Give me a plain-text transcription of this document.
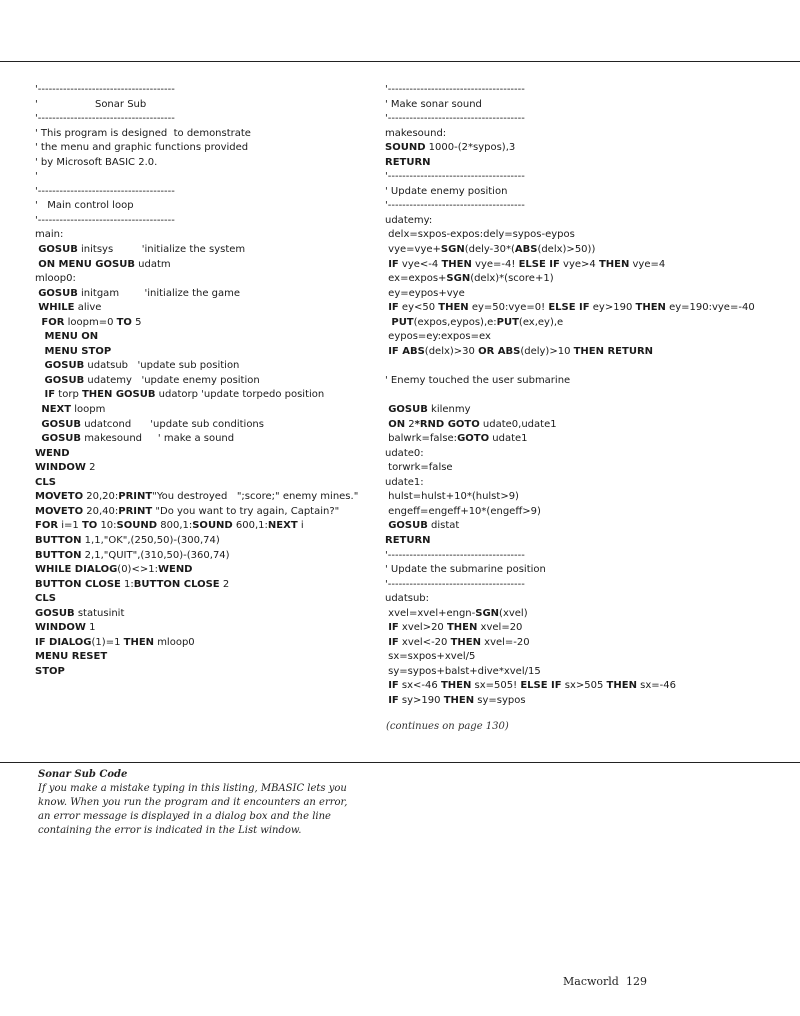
'--------------------------------------
'                  Sonar Sub
'--------------------------------------
' This program is designed  to demonstrate
' the menu and graphic functions provided
' by Microsoft BASIC 2.0.
'
'--------------------------------------
'   Main control loop
'--------------------------------------
main:
GOSUB initsys         'initialize the system
ON MENU GOSUB udatm
mloop0:
GOSUB initgam        'initialize the game
WHILE alive
FOR loopm=0 TO 5
MENU ON
MENU STOP
GOSUB udatsub   'update sub position
GOSUB udatemy   'update enemy position
IF torp THEN GOSUB udatorp 'update torpedo position
NEXT loopm
GOSUB udatcond      'update sub conditions
GOSUB makesound     ' make a sound
WEND
WINDOW 2
CLS
MOVETO 20,20:PRINT"You destroyed   ";score;" enemy mines."
MOVETO 20,40:PRINT "Do you want to try again, Captain?"
FOR i=1 TO 10:SOUND 800,1:SOUND 600,1:NEXT i
BUTTON 1,1,"OK",(250,50)-(300,74)
BUTTON 2,1,"QUIT",(310,50)-(360,74)
WHILE DIALOG(0)<>1:WEND
BUTTON CLOSE 1:BUTTON CLOSE 2
CLS
GOSUB statusinit
WINDOW 1
IF DIALOG(1)=1 THEN mloop0
MENU RESET
STOP
'--------------------------------------
' Make sonar sound
'--------------------------------------
makesound:
SOUND 1000-(2*sypos),3
RETURN
'--------------------------------------
' Update enemy position
'--------------------------------------
udatemy:
delx=sxpos-expos:dely=sypos-eypos
vye=vye+SGN(dely-30*(ABS(delx)>50))
IF vye<-4 THEN vye=-4! ELSE IF vye>4 THEN vye=4
ex=expos+SGN(delx)*(score+1)
ey=eypos+vye
IF ey<50 THEN ey=50:vye=0! ELSE IF ey>190 THEN ey=190:vye=-40
PUT(expos,eypos),e:PUT(ex,ey),e
eypos=ey:expos=ex
IF ABS(delx)>30 OR ABS(dely)>10 THEN RETURN
' Enemy touched the user submarine
GOSUB kilenmy
ON 2*RND GOTO udate0,udate1
balwrk=false:GOTO udate1
udate0:
torwrk=false
udate1:
hulst=hulst+10*(hulst>9)
engeff=engeff+10*(engeff>9)
GOSUB distat
RETURN
'--------------------------------------
' Update the submarine position
'--------------------------------------
udatsub:
xvel=xvel+engn-SGN(xvel)
IF xvel>20 THEN xvel=20
IF xvel<-20 THEN xvel=-20
sx=sxpos+xvel/5
sy=sypos+balst+dive*xvel/15
IF sx<-46 THEN sx=505! ELSE IF sx>505 THEN sx=-46
IF sy>190 THEN sy=sypos
(continues on page 130)
Sonar Sub Code
If you make a mistake typing in this listing, MBASIC lets you
know. When you run the program and it encounters an error,
an error message is displayed in a dialog box and the line
containing the error is indicated in the List window.
Macworld 129
